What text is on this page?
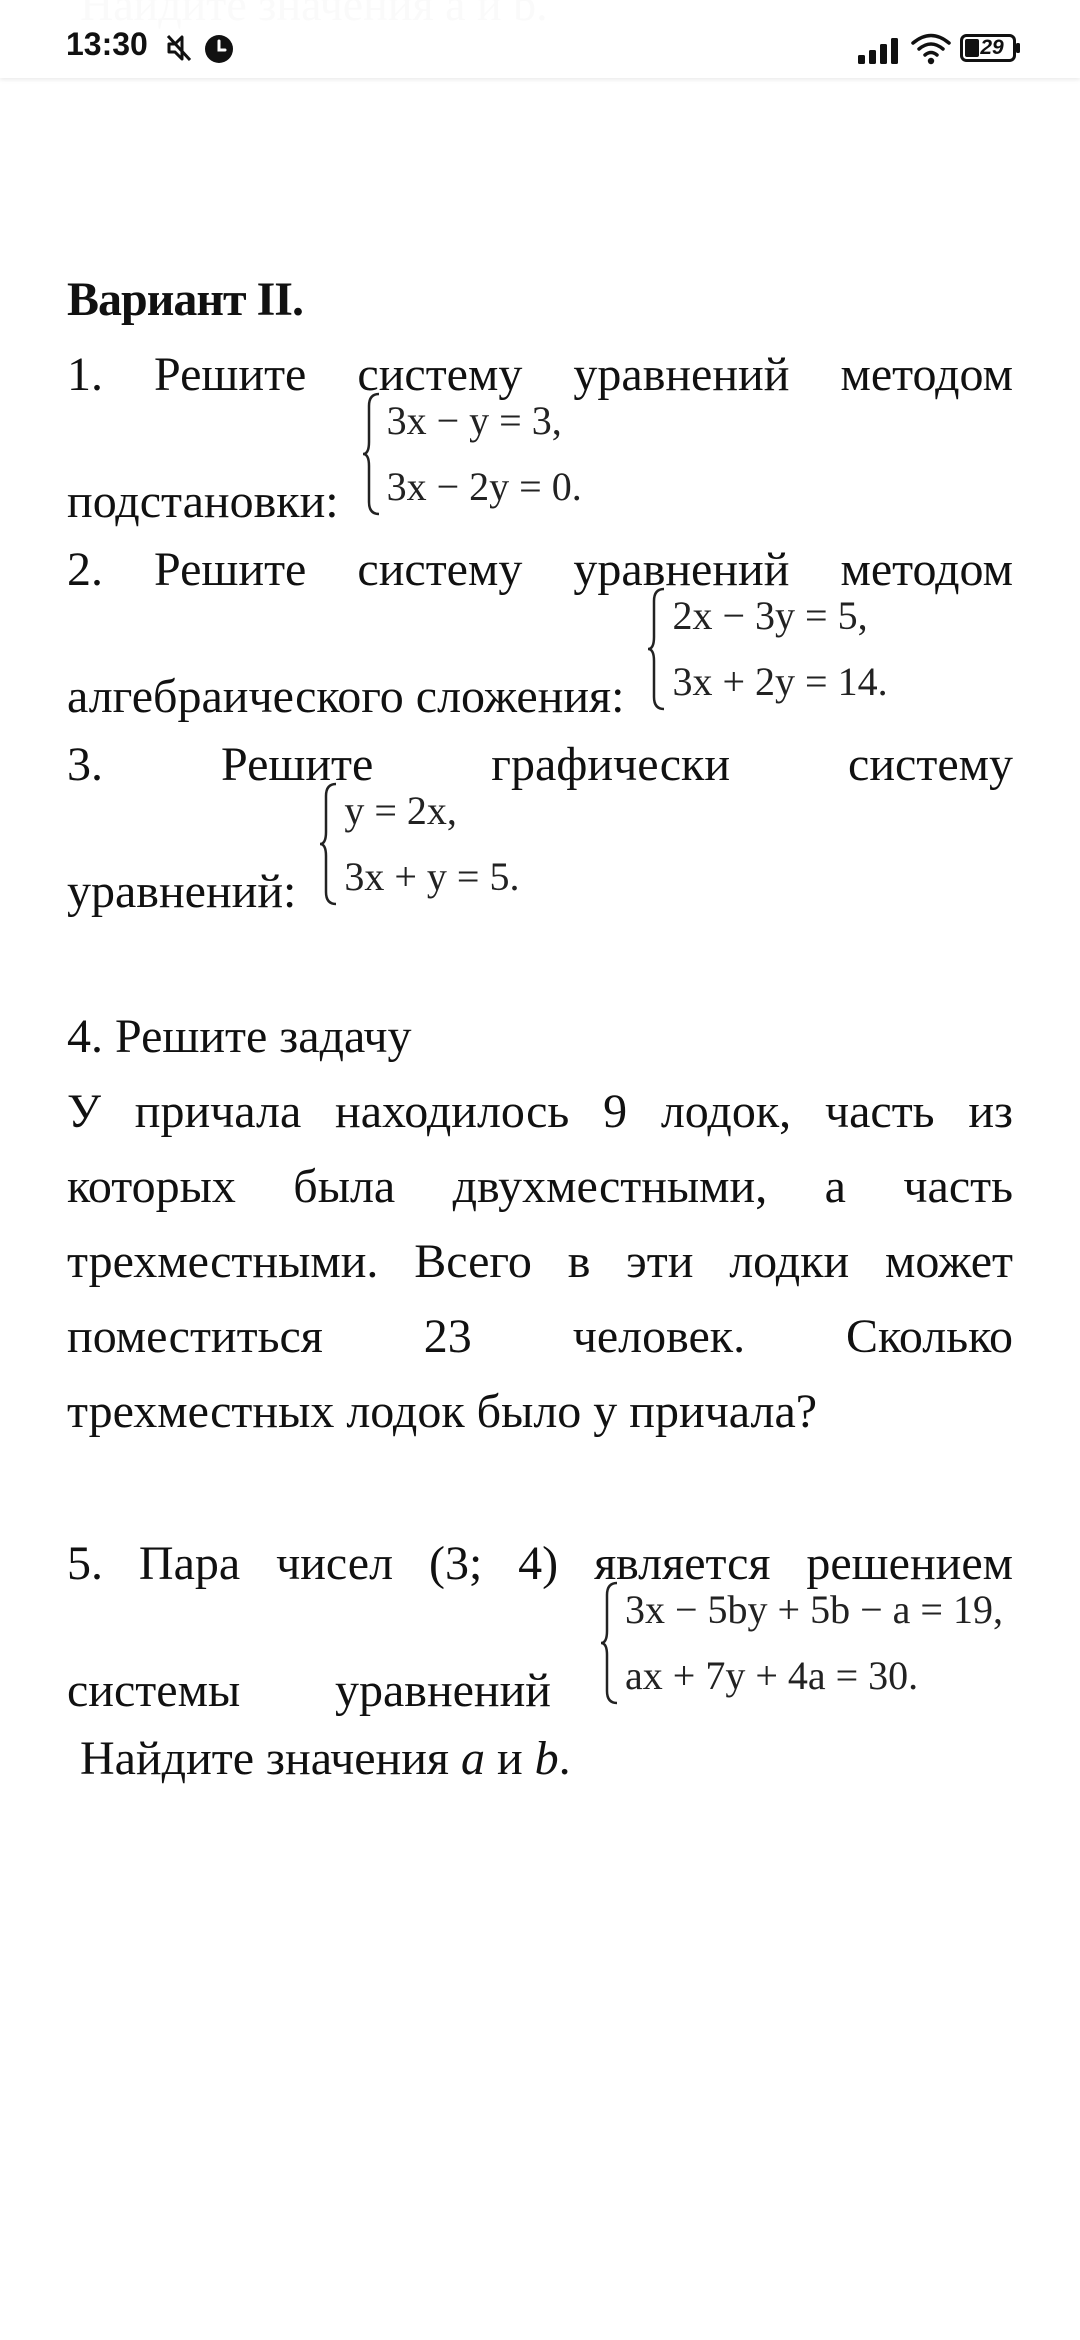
13:30	29

Вариант II.

1. Решите систему уравнений методом

подстановки:
3x − y = 3,
3x − 2y = 0.

2. Решите систему уравнений методом

алгебраического сложения:
2x − 3y = 5,
3x + 2y = 14.

3. Решите графически систему

уравнений:
y = 2x,
3x + y = 5.

4. Решите задачу

У причала находилось 9 лодок, часть из

которых была двухместными, а часть

трехместными. Всего в эти лодки может

поместиться 23 человек. Сколько

трехместных лодок было у причала?

5. Пара чисел (3; 4) является решением

системы уравнений
3x − 5by + 5b − a = 19,
ax + 7y + 4a = 30.

Найдите значения a и b.
